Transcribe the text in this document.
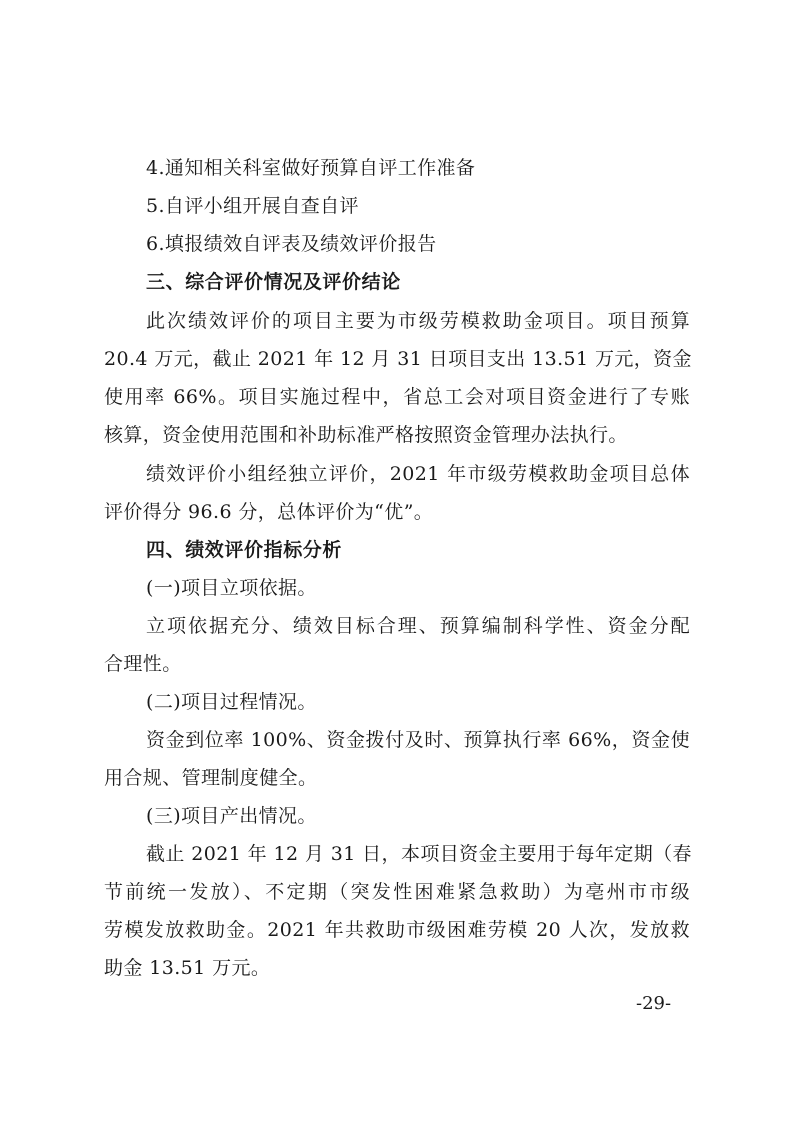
4.通知相关科室做好预算自评工作准备
5.自评小组开展自查自评
6.填报绩效自评表及绩效评价报告
三、综合评价情况及评价结论
此次绩效评价的项目主要为市级劳模救助金项目。项目预算
20.4 万元，截止 2021 年 12 月 31 日项目支出 13.51 万元，资金
使用率 66%。项目实施过程中，省总工会对项目资金进行了专账
核算，资金使用范围和补助标准严格按照资金管理办法执行。
绩效评价小组经独立评价，2021 年市级劳模救助金项目总体
评价得分 96.6 分，总体评价为“优”。
四、绩效评价指标分析
(一)项目立项依据。
立项依据充分、绩效目标合理、预算编制科学性、资金分配
合理性。
(二)项目过程情况。
资金到位率 100%、资金拨付及时、预算执行率 66%，资金使
用合规、管理制度健全。
(三)项目产出情况。
截止 2021 年 12 月 31 日，本项目资金主要用于每年定期（春
节前统一发放）、不定期（突发性困难紧急救助）为亳州市市级
劳模发放救助金。2021 年共救助市级困难劳模 20 人次，发放救
助金 13.51 万元。
-29-
